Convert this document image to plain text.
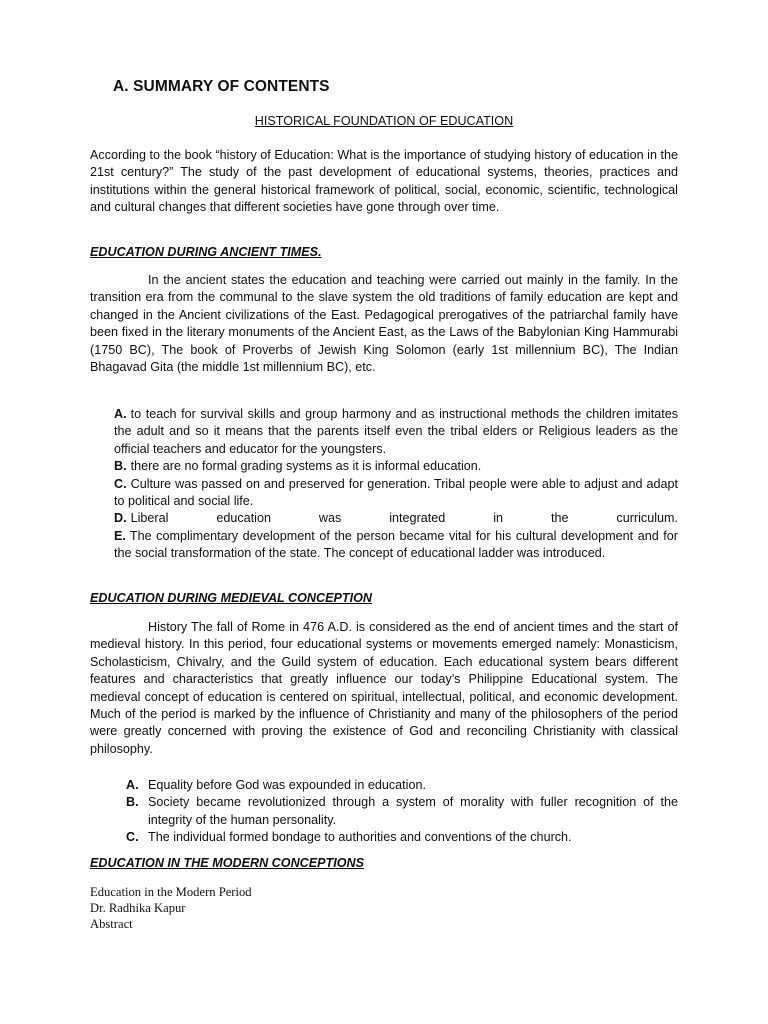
A. SUMMARY OF CONTENTS

HISTORICAL FOUNDATION OF EDUCATION

According to the book “history of Education: What is the importance of studying history of education in the 21st century?” The study of the past development of educational systems, theories, practices and institutions within the general historical framework of political, social, economic, scientific, technological and cultural changes that different societies have gone through over time.

EDUCATION DURING ANCIENT TIMES.

In the ancient states the education and teaching were carried out mainly in the family. In the transition era from the communal to the slave system the old traditions of family education are kept and changed in the Ancient civilizations of the East. Pedagogical prerogatives of the patriarchal family have been fixed in the literary monuments of the Ancient East, as the Laws of the Babylonian King Hammurabi (1750 BC), The book of Proverbs of Jewish King Solomon (early 1st millennium BC), The Indian Bhagavad Gita (the middle 1st millennium BC), etc.

A. to teach for survival skills and group harmony and as instructional methods the children imitates the adult and so it means that the parents itself even the tribal elders or Religious leaders as the official teachers and educator for the youngsters.

B. there are no formal grading systems as it is informal education.

C. Culture was passed on and preserved for generation. Tribal people were able to adjust and adapt to political and social life.

D. Liberal education was integrated in the curriculum.

E. The complimentary development of the person became vital for his cultural development and for the social transformation of the state. The concept of educational ladder was introduced.

EDUCATION DURING MEDIEVAL CONCEPTION

History The fall of Rome in 476 A.D. is considered as the end of ancient times and the start of medieval history. In this period, four educational systems or movements emerged namely: Monasticism, Scholasticism, Chivalry, and the Guild system of education. Each educational system bears different features and characteristics that greatly influence our today’s Philippine Educational system. The medieval concept of education is centered on spiritual, intellectual, political, and economic development. Much of the period is marked by the influence of Christianity and many of the philosophers of the period were greatly concerned with proving the existence of God and reconciling Christianity with classical philosophy.

A. Equality before God was expounded in education.
B. Society became revolutionized through a system of morality with fuller recognition of the integrity of the human personality.
C. The individual formed bondage to authorities and conventions of the church.

EDUCATION IN THE MODERN CONCEPTIONS

Education in the Modern Period
Dr. Radhika Kapur
Abstract
